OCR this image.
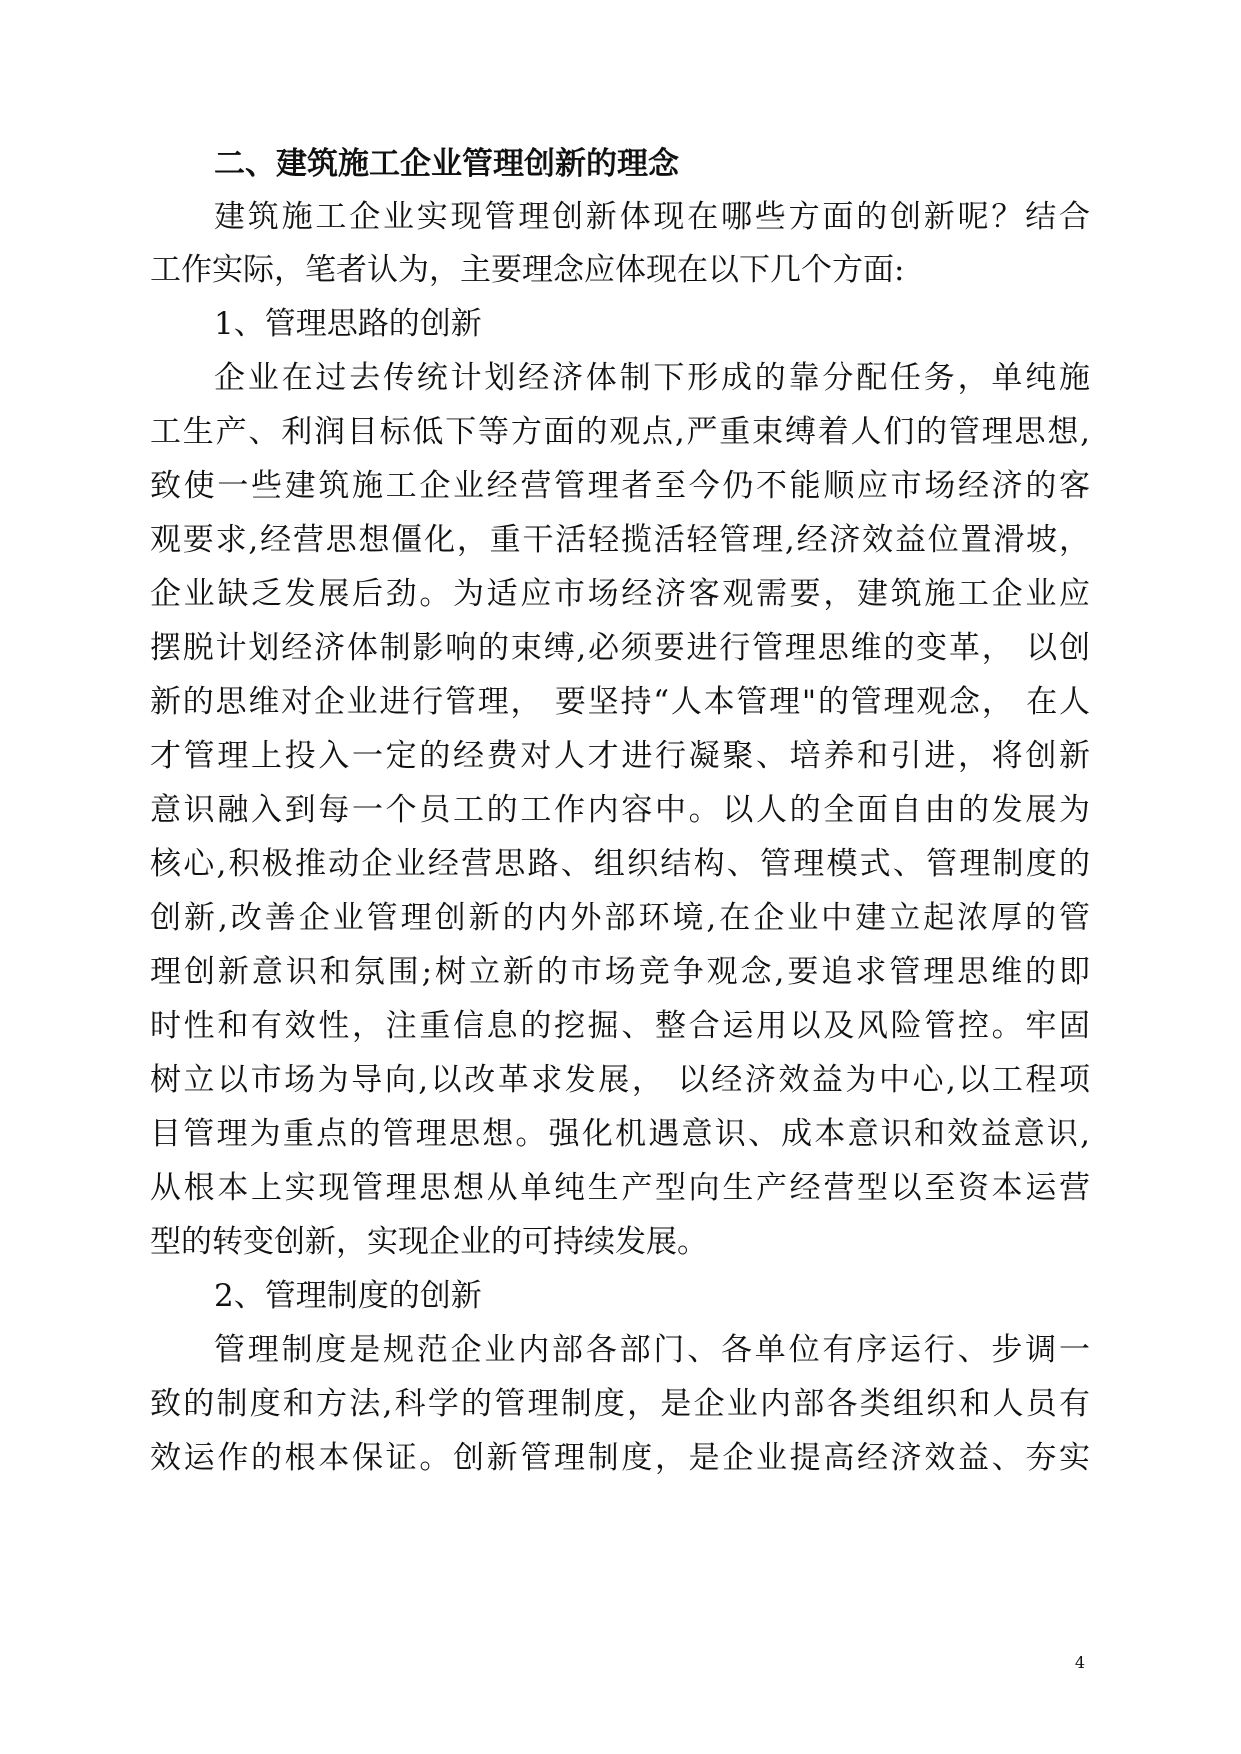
二、建筑施工企业管理创新的理念
建筑施工企业实现管理创新体现在哪些方面的创新呢？结合
工作实际，笔者认为，主要理念应体现在以下几个方面:
1、管理思路的创新
企业在过去传统计划经济体制下形成的靠分配任务，单纯施
工生产、利润目标低下等方面的观点,严重束缚着人们的管理思想,
致使一些建筑施工企业经营管理者至今仍不能顺应市场经济的客
观要求,经营思想僵化，重干活轻揽活轻管理,经济效益位置滑坡，
企业缺乏发展后劲。为适应市场经济客观需要，建筑施工企业应
摆脱计划经济体制影响的束缚,必须要进行管理思维的变革， 以创
新的思维对企业进行管理， 要坚持“人本管理"的管理观念， 在人
才管理上投入一定的经费对人才进行凝聚、培养和引进，将创新
意识融入到每一个员工的工作内容中。以人的全面自由的发展为
核心,积极推动企业经营思路、组织结构、管理模式、管理制度的
创新,改善企业管理创新的内外部环境,在企业中建立起浓厚的管
理创新意识和氛围;树立新的市场竞争观念,要追求管理思维的即
时性和有效性，注重信息的挖掘、整合运用以及风险管控。牢固
树立以市场为导向,以改革求发展， 以经济效益为中心,以工程项
目管理为重点的管理思想。强化机遇意识、成本意识和效益意识,
从根本上实现管理思想从单纯生产型向生产经营型以至资本运营
型的转变创新，实现企业的可持续发展。
2、管理制度的创新
管理制度是规范企业内部各部门、各单位有序运行、步调一
致的制度和方法,科学的管理制度，是企业内部各类组织和人员有
效运作的根本保证。创新管理制度，是企业提高经济效益、夯实
4
